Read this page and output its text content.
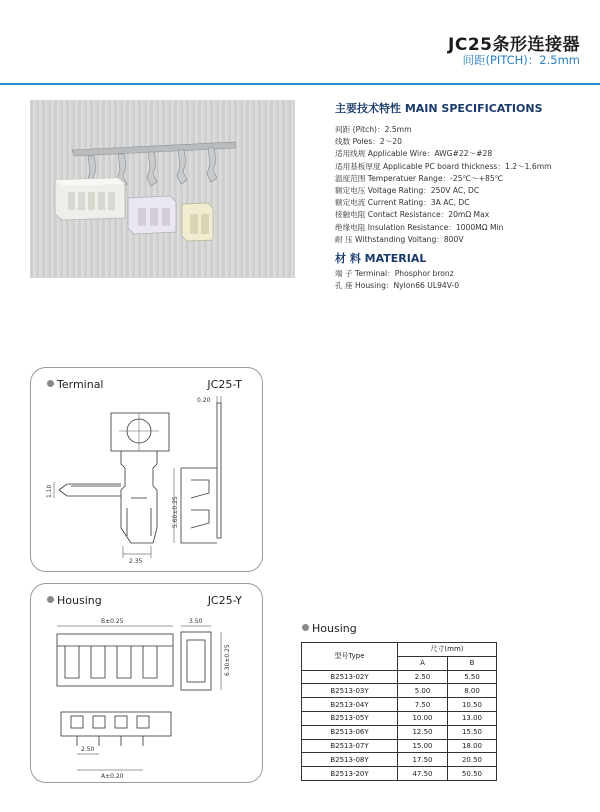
JC25条形连接器
间距(PITCH)：2.5mm
主要技术特性 MAIN SPECIFICATIONS
间距 (Pitch)：2.5mm
线数 Poles：2～20
适用线规 Applicable Wire：AWG#22～#28
适用基板厚度 Applicable PC board thickness：1.2～1.6mm
温度范围 Temperatuer Range：-25℃～+85℃
额定电压 Voltage Rating：250V AC, DC
额定电流 Current Rating：3A AC, DC
接触电阻 Contact Resistance：20mΩ Max
绝缘电阻 Insulation Resistance：1000MΩ Min
耐 压 Withstanding Voltang：800V
材 料 MATERIAL
端 子 Terminal：Phosphor bronz
孔 座 Housing：Nylon66 UL94V-0
Terminal	JC25-T
0.20
1.10
5.60±0.25
2.35
Housing	JC25-Y
B±0.25	3.50
6.30±0.25
2.50
A±0.20
Housing
型号Type	尺寸(mm)	
	A	B
B2513-02Y	2.50	5.50
B2513-03Y	5.00	8.00
B2513-04Y	7.50	10.50
B2513-05Y	10.00	13.00
B2513-06Y	12.50	15.50
B2513-07Y	15.00	18.00
B2513-08Y	17.50	20.50
B2513-20Y	47.50	50.50
